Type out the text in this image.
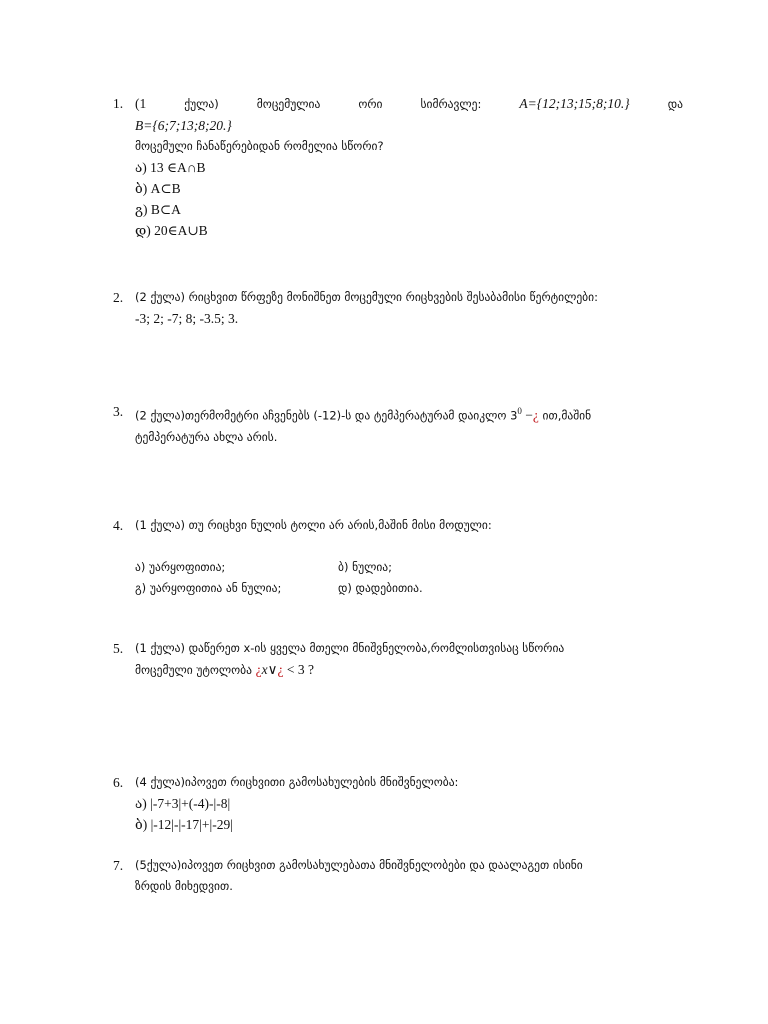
1. (1	ქულა)	მოცემულია	ორი	სიმრავლე:	A={12;13;15;8;10.}	და
B={6;7;13;8;20.}
მოცემული ჩანაწერებიდან რომელია სწორი?
ა) 13 ∈A∩B
ბ) A⊂B
გ) B⊂A
დ) 20∈A∪B
2.	(2 ქულა) რიცხვით წრფეზე მონიშნეთ მოცემული რიცხვების შესაბამისი წერტილები:
-3; 2; -7; 8; -3.5; 3.
3.	(2 ქულა)თერმომეტრი აჩვენებს (-12)-ს და ტემპერატურამ დაიკლო $3^0$ −¿ ით,მაშინ
ტემპერატურა ახლა არის.
4.	(1 ქულა) თუ რიცხვი ნულის ტოლი არ არის,მაშინ მისი მოდული:
ა) უარყოფითია;	ბ) ნულია;
გ) უარყოფითია ან ნულია;	დ) დადებითია.
5.	(1 ქულა) დაწერეთ x-ის ყველა მთელი მნიშვნელობა,რომლისთვისაც სწორია
მოცემული უტოლობა ¿x∨¿ < 3 ?
6.	(4 ქულა)იპოვეთ რიცხვითი გამოსახულების მნიშვნელობა:
ა) |-7+3|+(-4)-|-8|
ბ) |-12|-|-17|+|-29|
7.	(5ქულა)იპოვეთ რიცხვით გამოსახულებათა მნიშვნელობები და დაალაგეთ ისინი
ზრდის მიხედვით.
